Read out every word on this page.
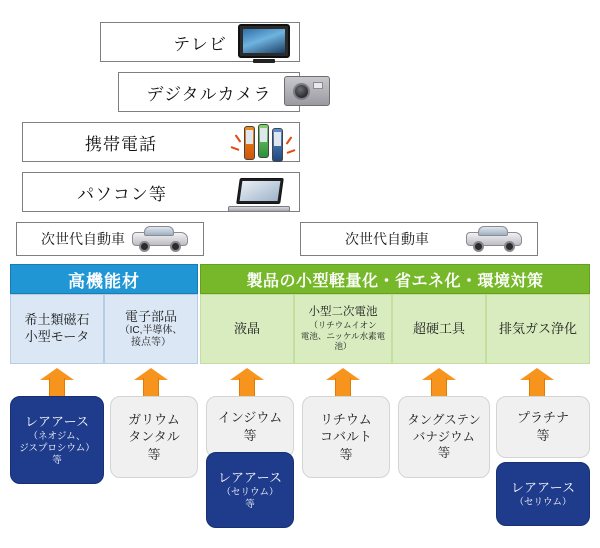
テレビ
デジタルカメラ
携帯電話
パソコン等
次世代自動車	次世代自動車
高機能材	製品の小型軽量化・省エネ化・環境対策
希土類磁石
小型モータ
電子部品
（IC,半導体、
接点等）
液晶
小型二次電池
（リチウムイオン
電池、ニッケル水素電池）
超硬工具	排気ガス浄化
レアアース
（ネオジム、
ジスプロシウム）
等
ガリウム
タンタル
等
インジウム
等
レアアース
（セリウム）
等
リチウム
コバルト
等
タングステン
バナジウム
等
プラチナ
等
レアアース
（セリウム）
